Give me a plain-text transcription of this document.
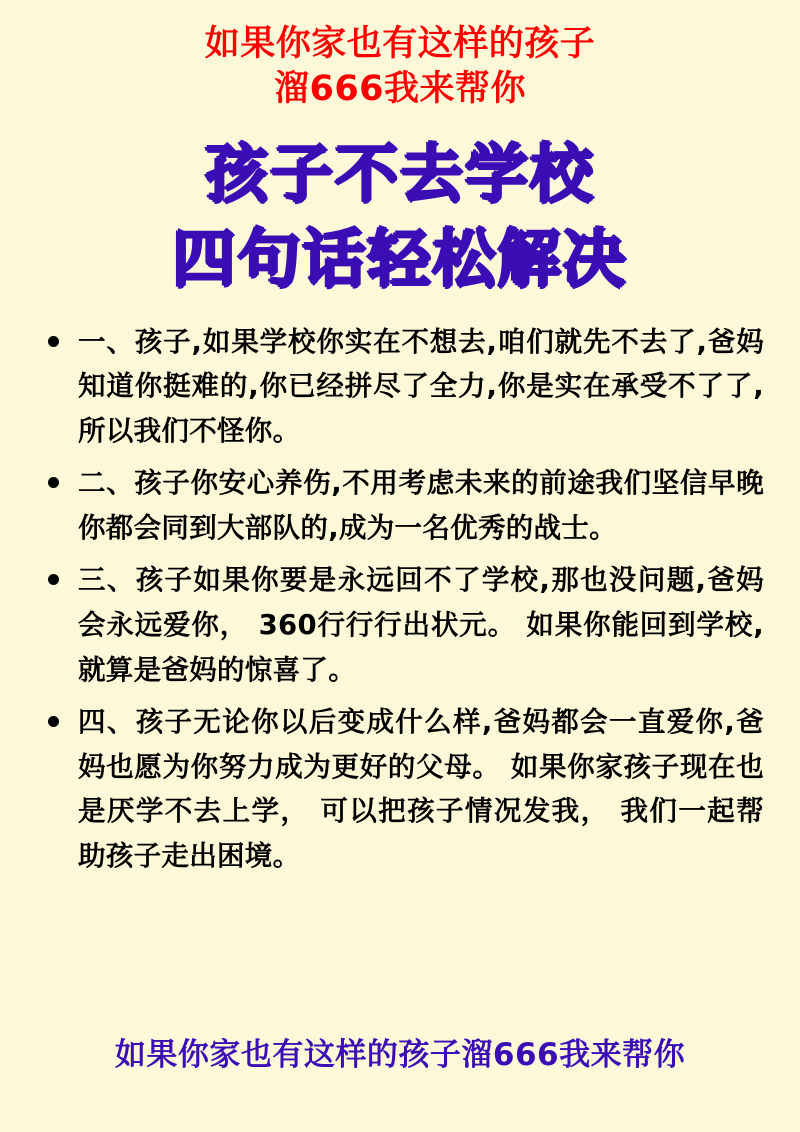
如果你家也有这样的孩子
溜666我来帮你
孩子不去学校
四句话轻松解决
一、孩子,如果学校你实在不想去,咱们就先不去了,爸妈知道你挺难的,你已经拼尽了全力,你是实在承受不了了,所以我们不怪你。
二、孩子你安心养伤,不用考虑未来的前途我们坚信早晚你都会同到大部队的,成为一名优秀的战士。
三、孩子如果你要是永远回不了学校,那也没问题,爸妈会永远爱你， 360行行行出状元。 如果你能回到学校,就算是爸妈的惊喜了。
四、孩子无论你以后变成什么样,爸妈都会一直爱你,爸妈也愿为你努力成为更好的父母。 如果你家孩子现在也是厌学不去上学， 可以把孩子情况发我， 我们一起帮助孩子走出困境。
如果你家也有这样的孩子溜666我来帮你
